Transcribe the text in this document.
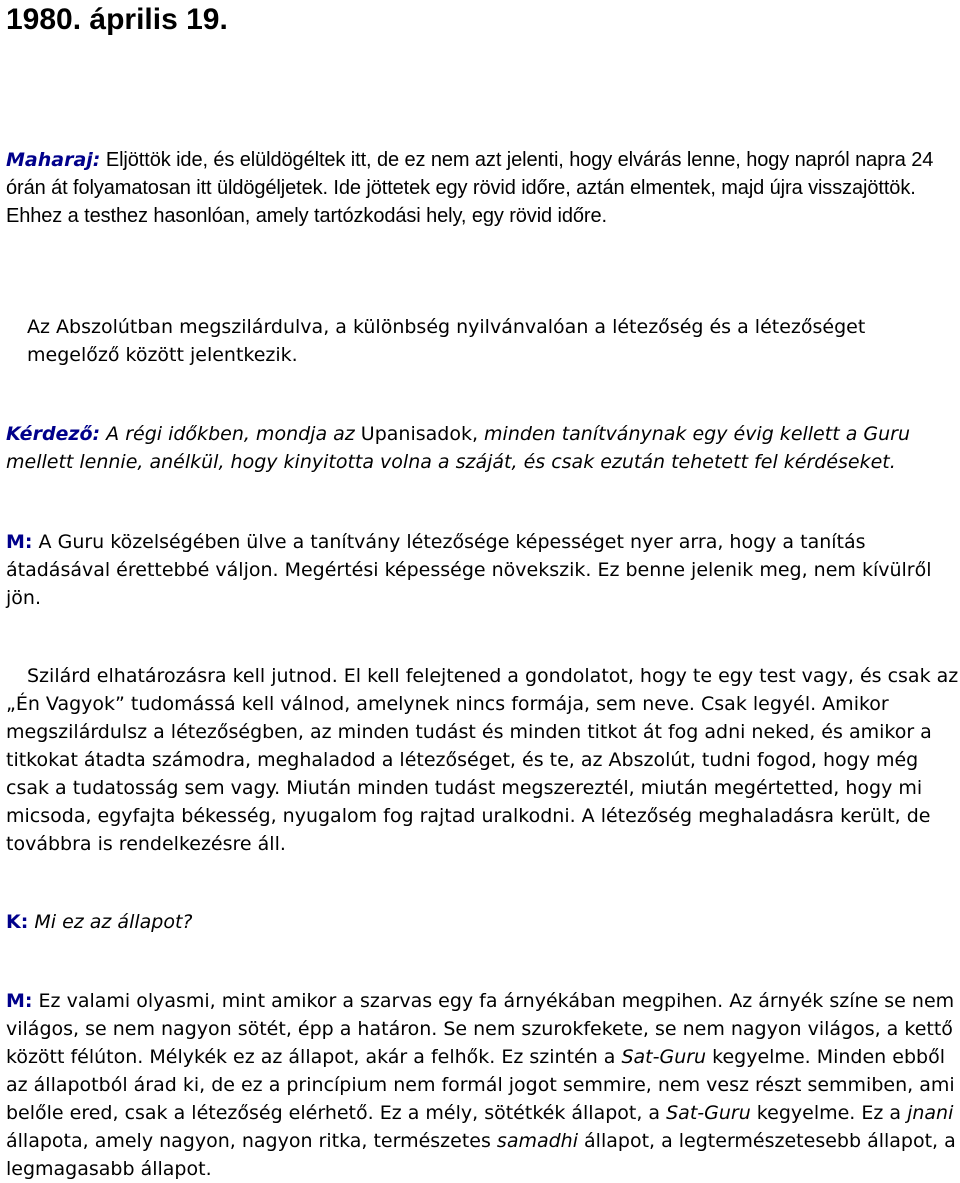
1980. április 19.

Maharaj: Eljöttök ide, és elüldögéltek itt, de ez nem azt jelenti, hogy elvárás lenne, hogy napról napra 24 órán át folyamatosan itt üldögéljetek. Ide jöttetek egy rövid időre, aztán elmentek, majd újra visszajöttök. Ehhez a testhez hasonlóan, amely tartózkodási hely, egy rövid időre.

Az Abszolútban megszilárdulva, a különbség nyilvánvalóan a létezőség és a létezőséget megelőző között jelentkezik.

Kérdező: A régi időkben, mondja az Upanisadok, minden tanítványnak egy évig kellett a Guru mellett lennie, anélkül, hogy kinyitotta volna a száját, és csak ezután tehetett fel kérdéseket.

M: A Guru közelségében ülve a tanítvány létezősége képességet nyer arra, hogy a tanítás átadásával érettebbé váljon. Megértési képessége növekszik. Ez benne jelenik meg, nem kívülről jön.

Szilárd elhatározásra kell jutnod. El kell felejtened a gondolatot, hogy te egy test vagy, és csak az „Én Vagyok” tudomássá kell válnod, amelynek nincs formája, sem neve. Csak legyél. Amikor megszilárdulsz a létezőségben, az minden tudást és minden titkot át fog adni neked, és amikor a titkokat átadta számodra, meghaladod a létezőséget, és te, az Abszolút, tudni fogod, hogy még csak a tudatosság sem vagy. Miután minden tudást megszereztél, miután megértetted, hogy mi micsoda, egyfajta békesség, nyugalom fog rajtad uralkodni. A létezőség meghaladásra került, de továbbra is rendelkezésre áll.

K: Mi ez az állapot?

M: Ez valami olyasmi, mint amikor a szarvas egy fa árnyékában megpihen. Az árnyék színe se nem világos, se nem nagyon sötét, épp a határon. Se nem szurokfekete, se nem nagyon világos, a kettő között félúton. Mélykék ez az állapot, akár a felhők. Ez szintén a Sat-Guru kegyelme. Minden ebből az állapotból árad ki, de ez a princípium nem formál jogot semmire, nem vesz részt semmiben, ami belőle ered, csak a létezőség elérhető. Ez a mély, sötétkék állapot, a Sat-Guru kegyelme. Ez a jnani állapota, amely nagyon, nagyon ritka, természetes samadhi állapot, a legtermészetesebb állapot, a legmagasabb állapot.
